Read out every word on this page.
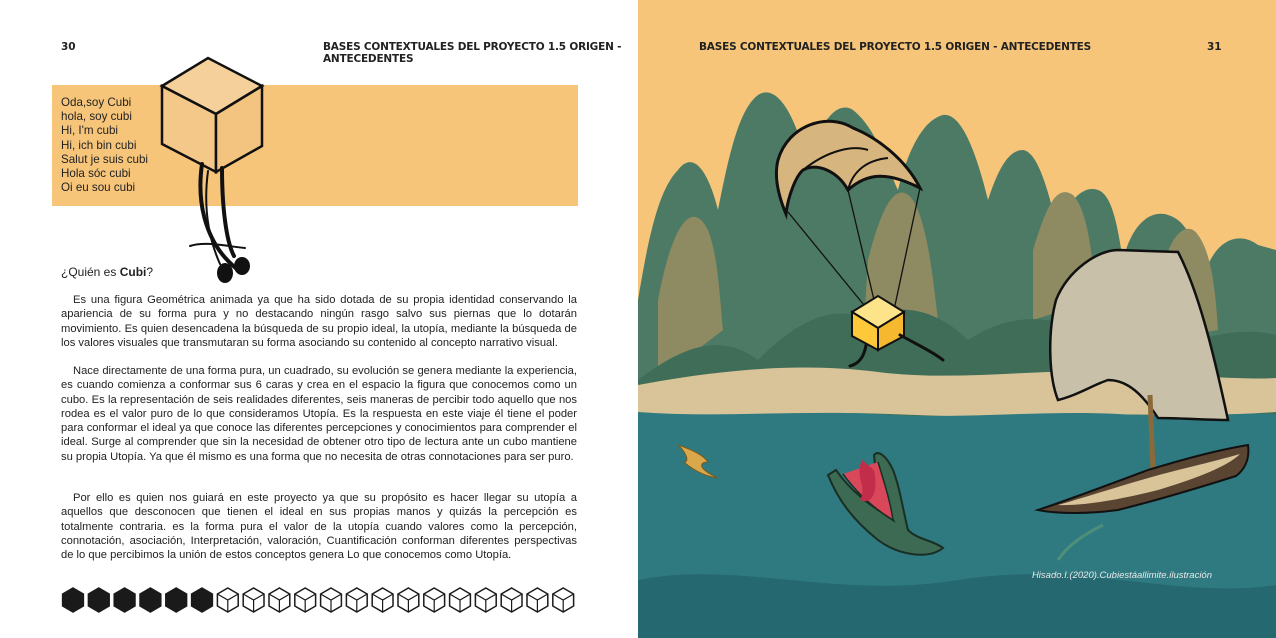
30	BASES CONTEXTUALES DEL PROYECTO 1.5 ORIGEN - ANTECEDENTES
Oda,soy Cubi
hola, soy cubi
Hi, I'm cubi
Hi, ich bin cubi
Salut je suis cubi
Hola sóc cubi
Oi eu sou cubi
¿Quién es Cubi?

Es una figura Geométrica animada ya que ha sido dotada de su propia identidad conservando la apariencia de su forma pura y no destacando ningún rasgo salvo sus piernas que lo dotarán movimiento. Es quien desencadena la búsqueda de su propio ideal, la utopía, mediante la búsqueda de los valores visuales que transmutaran su forma asociando su contenido al concepto narrativo visual.

Nace directamente de una forma pura, un cuadrado, su evolución se genera mediante la experiencia, es cuando comienza a conformar sus 6 caras y crea en el espacio la figura que conocemos como un cubo. Es la representación de seis realidades diferentes, seis maneras de percibir todo aquello que nos rodea es el valor puro de lo que consideramos Utopía. Es la respuesta en este viaje él tiene el poder para conformar el ideal ya que conoce las diferentes percepciones y conocimientos para comprender el ideal. Surge al comprender que sin la necesidad de obtener otro tipo de lectura ante un cubo mantiene su propia Utopía. Ya que él mismo es una forma que no necesita de otras connotaciones para ser puro.

Por ello es quien nos guiará en este proyecto ya que su propósito es hacer llegar su utopía a aquellos que desconocen que tienen el ideal en sus propias manos y quizás la percepción es totalmente contraria. es la forma pura el valor de la utopía cuando valores como la percepción, connotación, asociación, Interpretación, valoración, Cuantificación conforman diferentes perspectivas de lo que percibimos la unión de estos conceptos genera Lo que conocemos como Utopía.

BASES CONTEXTUALES DEL PROYECTO 1.5 ORIGEN - ANTECEDENTES	31
Hisado.I.(2020).Cubiestáallimite.ilustración
